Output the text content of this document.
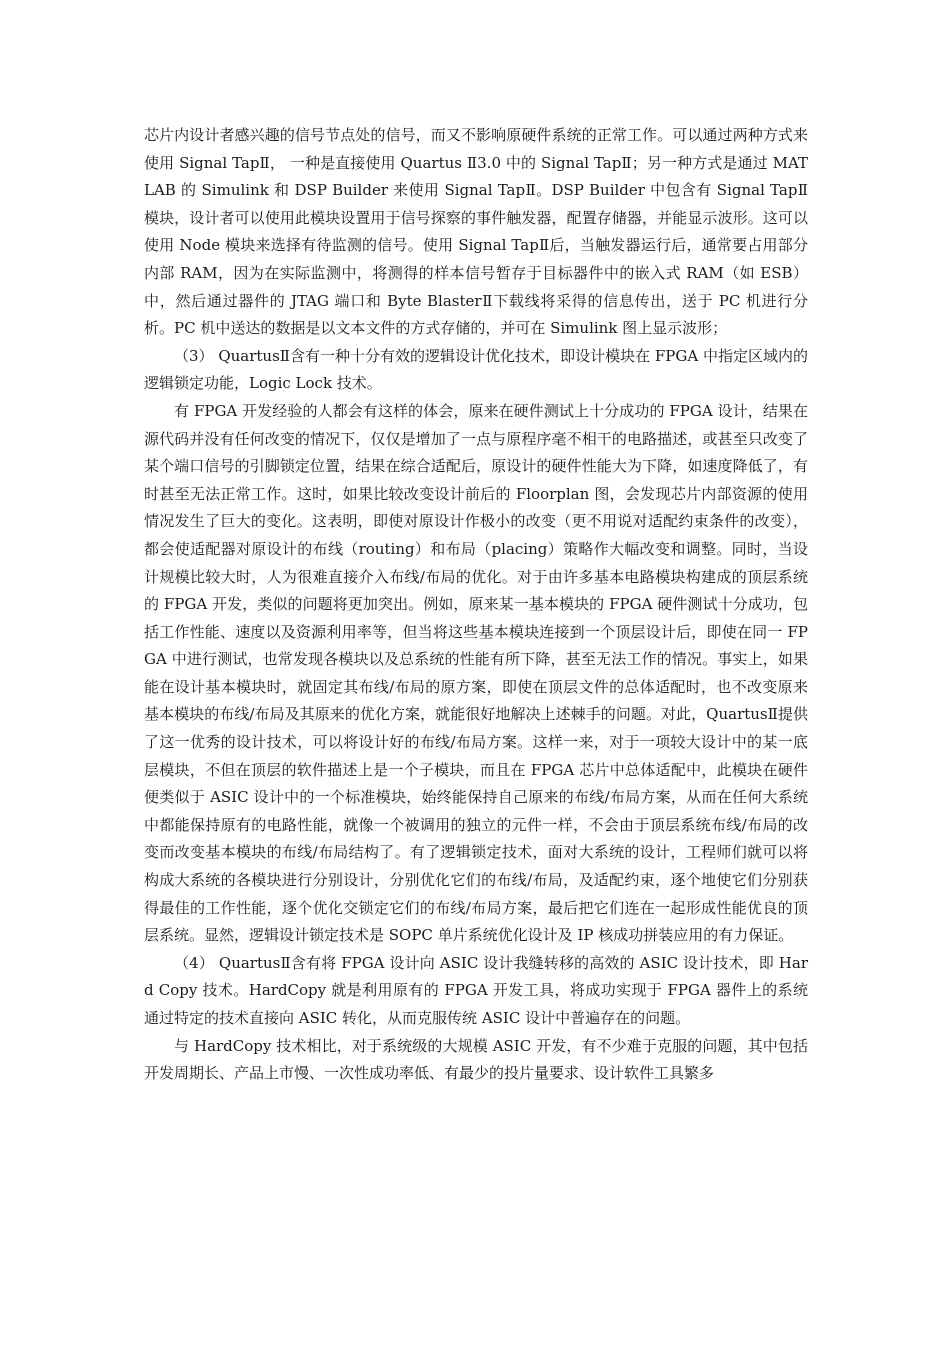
芯片内设计者感兴趣的信号节点处的信号，而又不影响原硬件系统的正常工作。可以通过两种方式来使用 Signal TapⅡ， 一种是直接使用 Quartus Ⅱ3.0 中的 Signal TapⅡ；另一种方式是通过 MATLAB 的 Simulink 和 DSP Builder 来使用 Signal TapⅡ。DSP Builder 中包含有 Signal TapⅡ模块，设计者可以使用此模块设置用于信号探察的事件触发器，配置存储器，并能显示波形。这可以使用 Node 模块来选择有待监测的信号。使用 Signal TapⅡ后，当触发器运行后，通常要占用部分内部 RAM，因为在实际监测中，将测得的样本信号暂存于目标器件中的嵌入式 RAM（如 ESB）中，然后通过器件的 JTAG 端口和 Byte BlasterⅡ下载线将采得的信息传出，送于 PC 机进行分析。PC 机中送达的数据是以文本文件的方式存储的，并可在 Simulink 图上显示波形；

（3） QuartusⅡ含有一种十分有效的逻辑设计优化技术，即设计模块在 FPGA 中指定区域内的逻辑锁定功能，Logic Lock 技术。

有 FPGA 开发经验的人都会有这样的体会，原来在硬件测试上十分成功的 FPGA 设计，结果在源代码并没有任何改变的情况下，仅仅是增加了一点与原程序毫不相干的电路描述，或甚至只改变了某个端口信号的引脚锁定位置，结果在综合适配后，原设计的硬件性能大为下降，如速度降低了，有时甚至无法正常工作。这时，如果比较改变设计前后的 Floorplan 图，会发现芯片内部资源的使用情况发生了巨大的变化。这表明，即使对原设计作极小的改变（更不用说对适配约束条件的改变），都会使适配器对原设计的布线（routing）和布局（placing）策略作大幅改变和调整。同时，当设计规模比较大时，人为很难直接介入布线/布局的优化。对于由许多基本电路模块构建成的顶层系统的 FPGA 开发，类似的问题将更加突出。例如，原来某一基本模块的 FPGA 硬件测试十分成功，包括工作性能、速度以及资源利用率等，但当将这些基本模块连接到一个顶层设计后，即使在同一 FPGA 中进行测试，也常发现各模块以及总系统的性能有所下降，甚至无法工作的情况。事实上，如果能在设计基本模块时，就固定其布线/布局的原方案，即使在顶层文件的总体适配时，也不改变原来基本模块的布线/布局及其原来的优化方案，就能很好地解决上述棘手的问题。对此，QuartusⅡ提供了这一优秀的设计技术，可以将设计好的布线/布局方案。这样一来，对于一项较大设计中的某一底层模块，不但在顶层的软件描述上是一个子模块，而且在 FPGA 芯片中总体适配中，此模块在硬件便类似于 ASIC 设计中的一个标准模块，始终能保持自己原来的布线/布局方案，从而在任何大系统中都能保持原有的电路性能，就像一个被调用的独立的元件一样，不会由于顶层系统布线/布局的改变而改变基本模块的布线/布局结构了。有了逻辑锁定技术，面对大系统的设计，工程师们就可以将构成大系统的各模块进行分别设计，分别优化它们的布线/布局，及适配约束，逐个地使它们分别获得最佳的工作性能，逐个优化交锁定它们的布线/布局方案，最后把它们连在一起形成性能优良的顶层系统。显然，逻辑设计锁定技术是 SOPC 单片系统优化设计及 IP 核成功拼装应用的有力保证。

（4） QuartusⅡ含有将 FPGA 设计向 ASIC 设计我缝转移的高效的 ASIC 设计技术，即 Hard Copy 技术。HardCopy 就是利用原有的 FPGA 开发工具，将成功实现于 FPGA 器件上的系统通过特定的技术直接向 ASIC 转化，从而克服传统 ASIC 设计中普遍存在的问题。

与 HardCopy 技术相比，对于系统级的大规模 ASIC 开发，有不少难于克服的问题，其中包括开发周期长、产品上市慢、一次性成功率低、有最少的投片量要求、设计软件工具繁多
